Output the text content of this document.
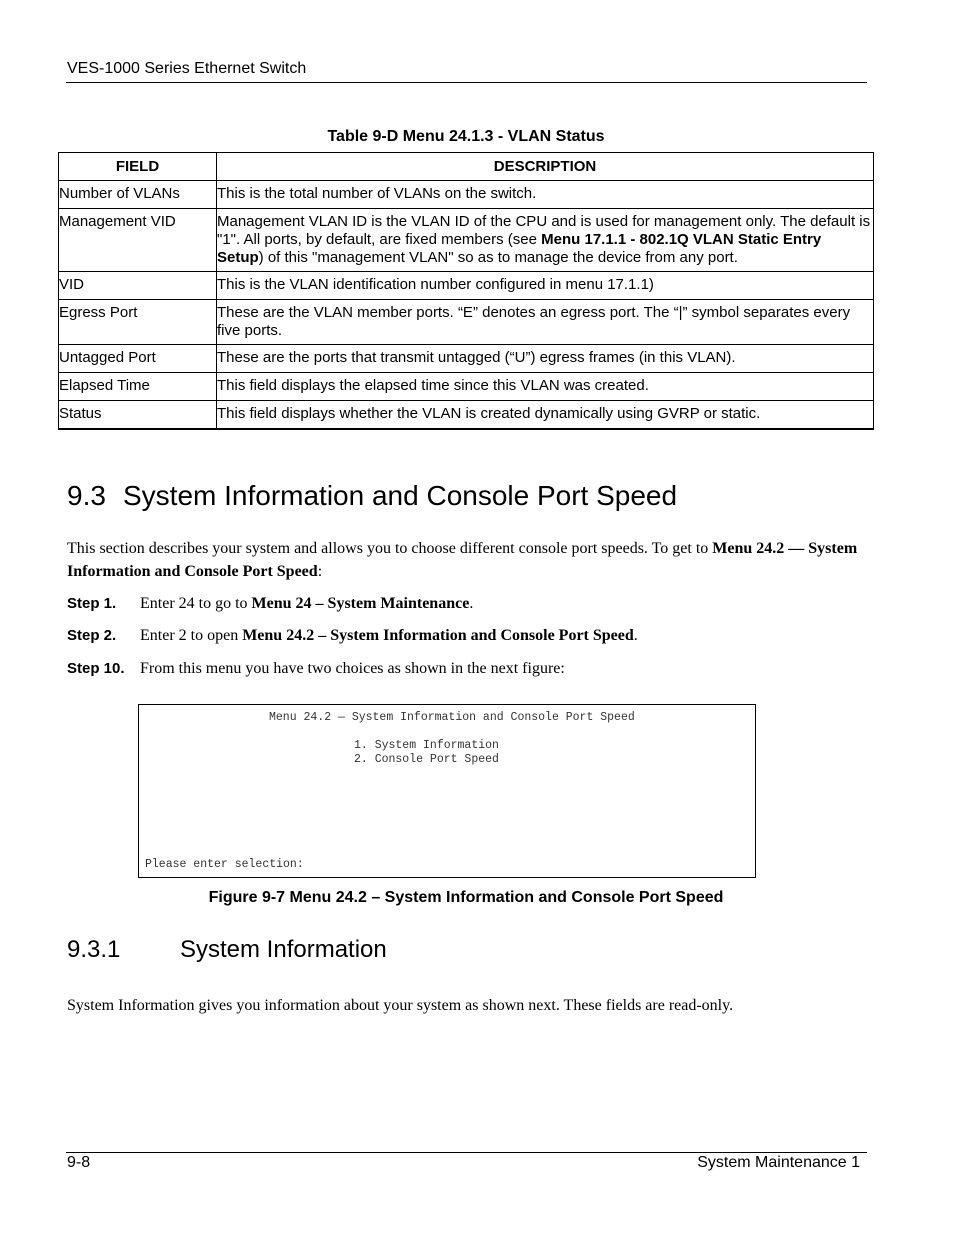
VES-1000 Series Ethernet Switch
Table 9-D Menu 24.1.3 - VLAN Status
FIELD	DESCRIPTION
Number of VLANs	This is the total number of VLANs on the switch.
Management VID	Management VLAN ID is the VLAN ID of the CPU and is used for management only. The default is "1". All ports, by default, are fixed members (see Menu 17.1.1 - 802.1Q VLAN Static Entry Setup) of this "management VLAN" so as to manage the device from any port.
VID	This is the VLAN identification number configured in menu 17.1.1)
Egress Port	These are the VLAN member ports. “E” denotes an egress port. The “|” symbol separates every five ports.
Untagged Port	These are the ports that transmit untagged (“U”) egress frames (in this VLAN).
Elapsed Time	This field displays the elapsed time since this VLAN was created.
Status	This field displays whether the VLAN is created dynamically using GVRP or static.
9.3 System Information and Console Port Speed
This section describes your system and allows you to choose different console port speeds. To get to Menu 24.2 — System Information and Console Port Speed:
Step 1. Enter 24 to go to Menu 24 – System Maintenance.
Step 2. Enter 2 to open Menu 24.2 – System Information and Console Port Speed.
Step 10. From this menu you have two choices as shown in the next figure:
Menu 24.2 — System Information and Console Port Speed
1. System Information
2. Console Port Speed
Please enter selection:
Figure 9-7 Menu 24.2 – System Information and Console Port Speed
9.3.1 System Information
System Information gives you information about your system as shown next. These fields are read-only.
9-8	System Maintenance 1
